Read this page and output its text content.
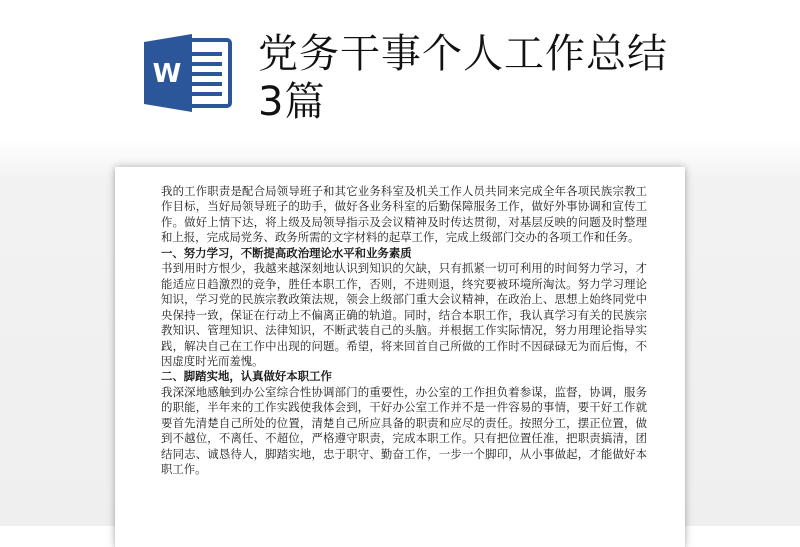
W 党务干事个人工作总结3篇

我的工作职责是配合局领导班子和其它业务科室及机关工作人员共同来完成全年各项民族宗教工作目标，当好局领导班子的助手，做好各业务科室的后勤保障服务工作，做好外事协调和宣传工作。做好上情下达，将上级及局领导指示及会议精神及时传达贯彻，对基层反映的问题及时整理和上报，完成局党务、政务所需的文字材料的起草工作，完成上级部门交办的各项工作和任务。

一、努力学习，不断提高政治理论水平和业务素质

书到用时方恨少，我越来越深刻地认识到知识的欠缺，只有抓紧一切可利用的时间努力学习，才能适应日趋激烈的竞争，胜任本职工作，否则，不进则退，终究要被环境所淘汰。努力学习理论知识，学习党的民族宗教政策法规，领会上级部门重大会议精神，在政治上、思想上始终同党中央保持一致，保证在行动上不偏离正确的轨道。同时，结合本职工作，我认真学习有关的民族宗教知识、管理知识、法律知识，不断武装自己的头脑。并根据工作实际情况，努力用理论指导实践，解决自己在工作中出现的问题。希望，将来回首自己所做的工作时不因碌碌无为而后悔，不因虚度时光而羞愧。

二、脚踏实地，认真做好本职工作

我深深地感触到办公室综合性协调部门的重要性，办公室的工作担负着参谋，监督，协调，服务的职能，半年来的工作实践使我体会到，干好办公室工作并不是一件容易的事情，要干好工作就要首先清楚自己所处的位置，清楚自己所应具备的职责和应尽的责任。按照分工，摆正位置，做到不越位，不离任、不超位，严格遵守职责，完成本职工作。只有把位置任准，把职责搞清，团结同志、诚恳待人，脚踏实地，忠于职守、勤奋工作，一步一个脚印，从小事做起，才能做好本职工作。
